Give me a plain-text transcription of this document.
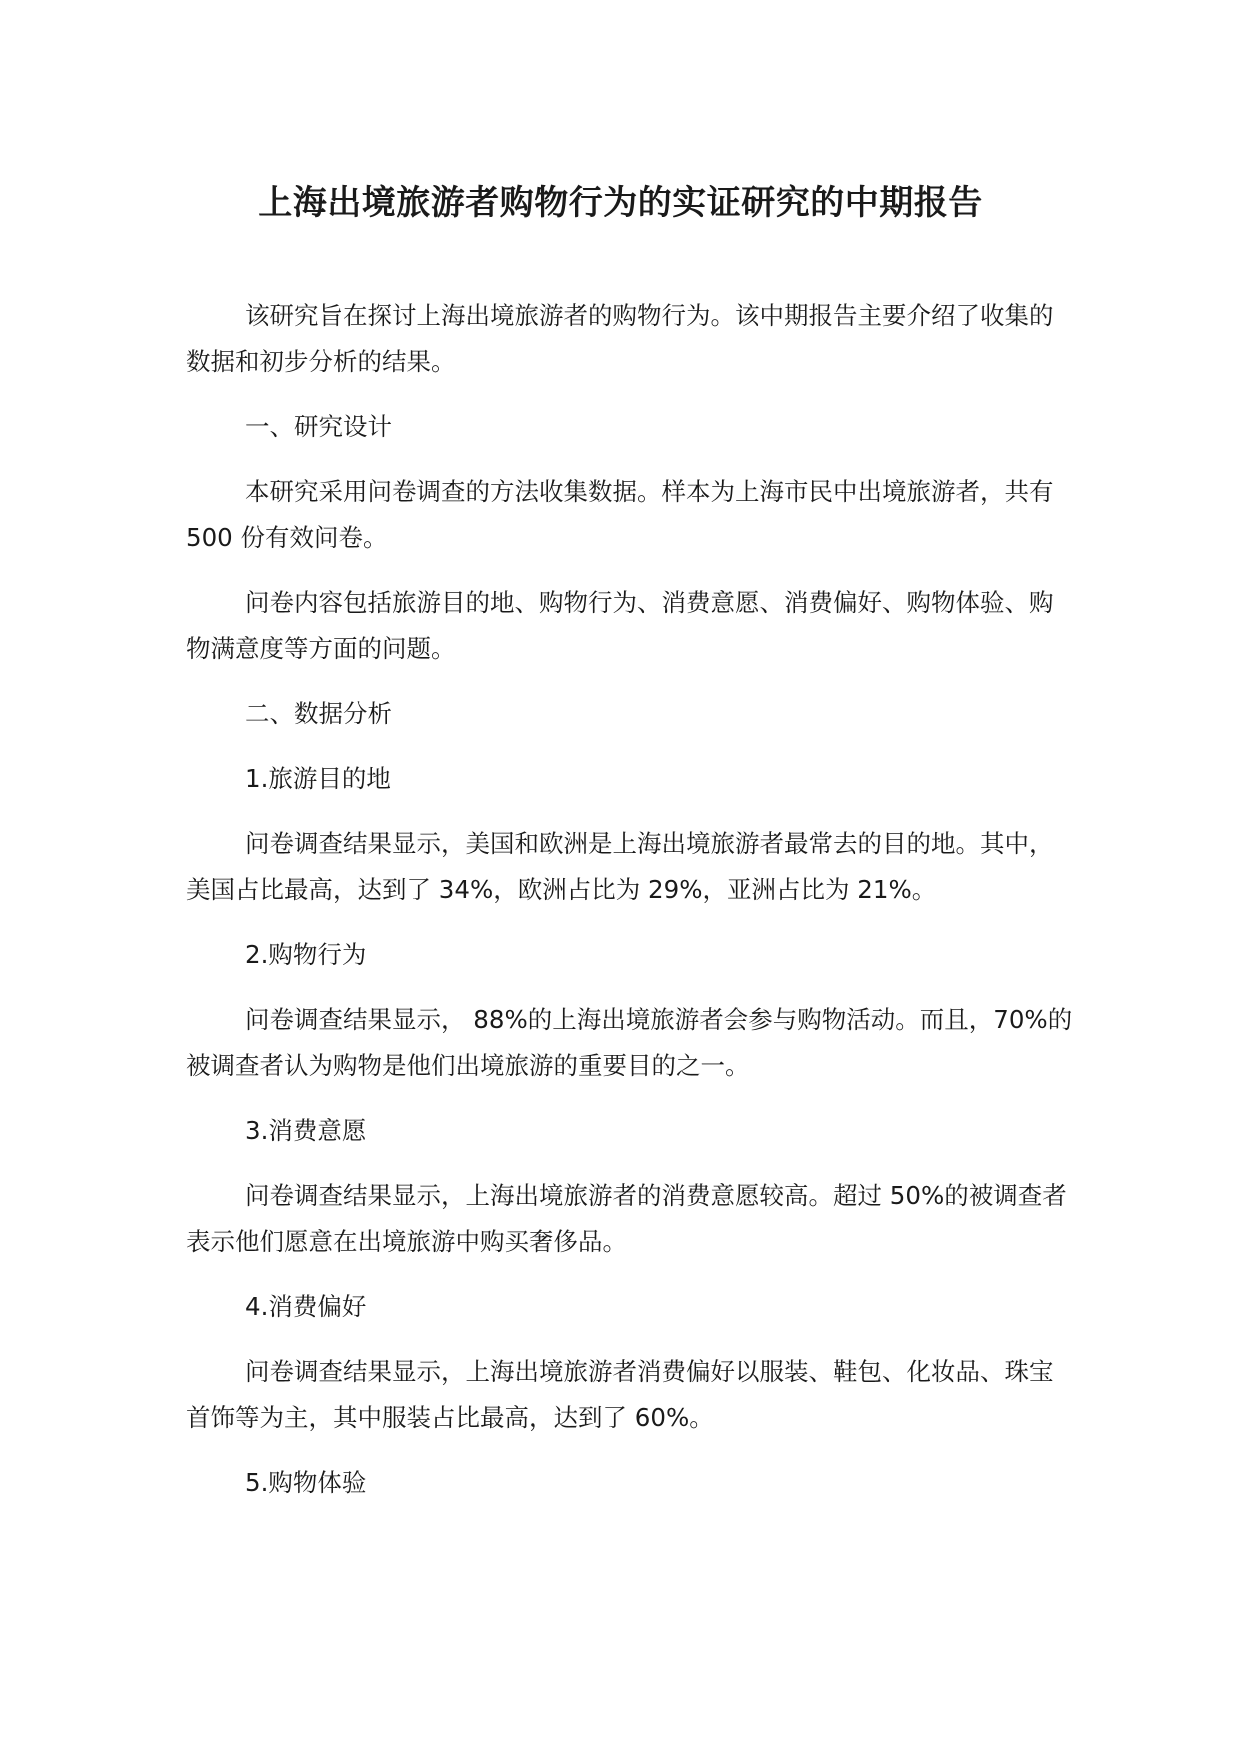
上海出境旅游者购物行为的实证研究的中期报告

该研究旨在探讨上海出境旅游者的购物行为。该中期报告主要介绍了收集的数据和初步分析的结果。

一、研究设计

本研究采用问卷调查的方法收集数据。样本为上海市民中出境旅游者，共有 500 份有效问卷。

问卷内容包括旅游目的地、购物行为、消费意愿、消费偏好、购物体验、购物满意度等方面的问题。

二、数据分析

1.旅游目的地

问卷调查结果显示，美国和欧洲是上海出境旅游者最常去的目的地。其中，美国占比最高，达到了 34%，欧洲占比为 29%，亚洲占比为 21%。

2.购物行为

问卷调查结果显示， 88%的上海出境旅游者会参与购物活动。而且，70%的被调查者认为购物是他们出境旅游的重要目的之一。

3.消费意愿

问卷调查结果显示，上海出境旅游者的消费意愿较高。超过 50%的被调查者表示他们愿意在出境旅游中购买奢侈品。

4.消费偏好

问卷调查结果显示，上海出境旅游者消费偏好以服装、鞋包、化妆品、珠宝首饰等为主，其中服装占比最高，达到了 60%。

5.购物体验
